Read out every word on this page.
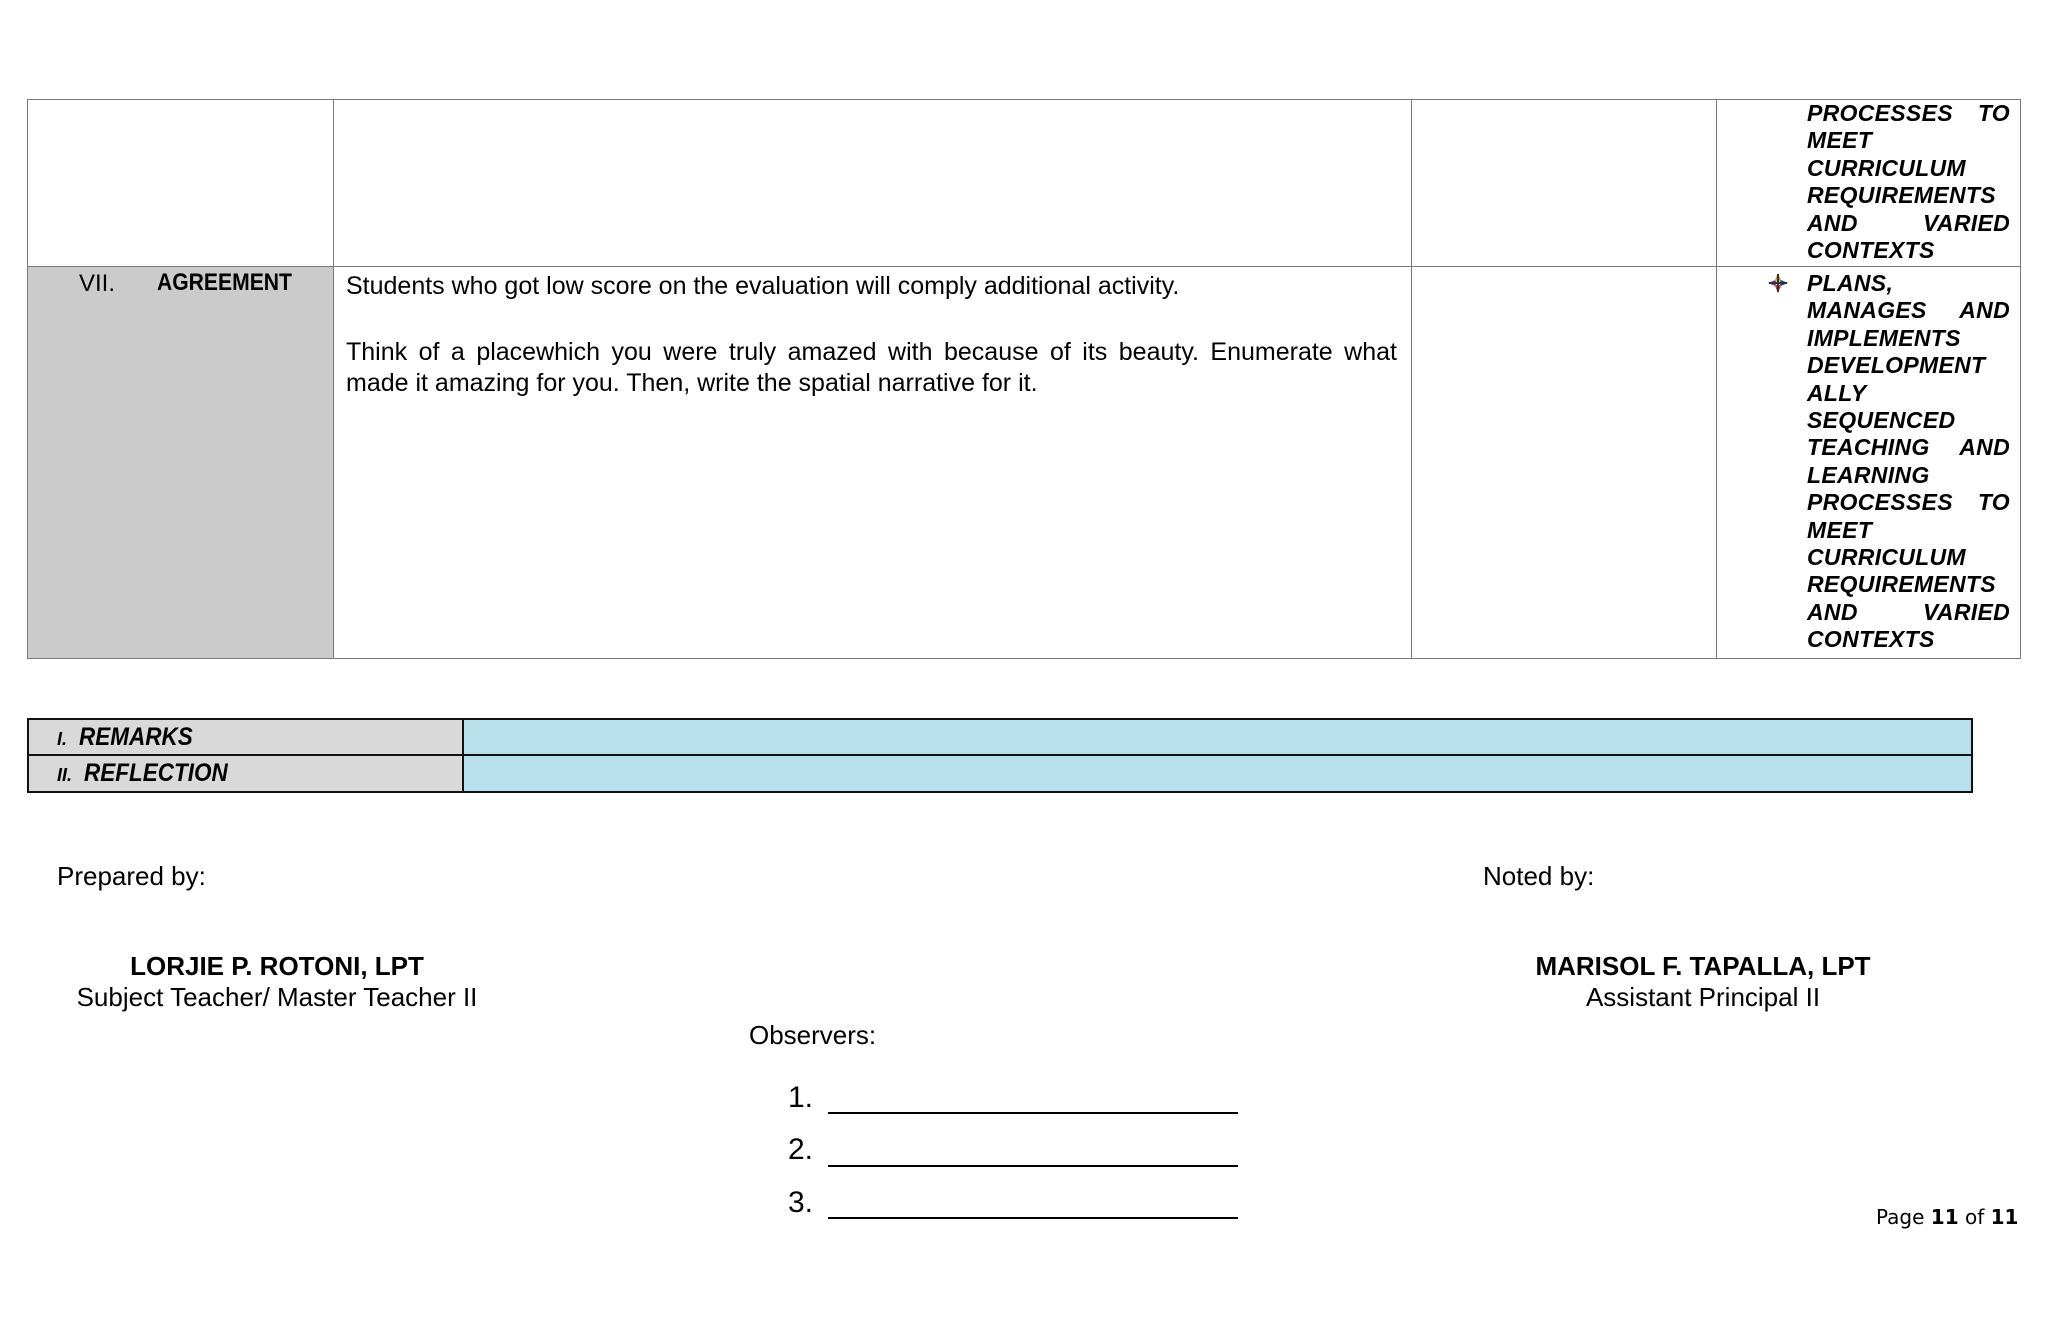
PROCESSES TO
MEET
CURRICULUM
REQUIREMENTS
AND VARIED
CONTEXTS
VII. AGREEMENT Students who got low score on the evaluation will comply additional activity.
Think of a placewhich you were truly amazed with because of its beauty. Enumerate what made it amazing for you. Then, write the spatial narrative for it.
PLANS,
MANAGES AND
IMPLEMENTS
DEVELOPMENT
ALLY
SEQUENCED
TEACHING AND
LEARNING
PROCESSES TO
MEET
CURRICULUM
REQUIREMENTS
AND VARIED
CONTEXTS
I. REMARKS
II. REFLECTION
Prepared by:	Noted by:
LORJIE P. ROTONI, LPT
Subject Teacher/ Master Teacher II
MARISOL F. TAPALLA, LPT
Assistant Principal II
Observers:
1.
2.
3.	Page 11 of 11
